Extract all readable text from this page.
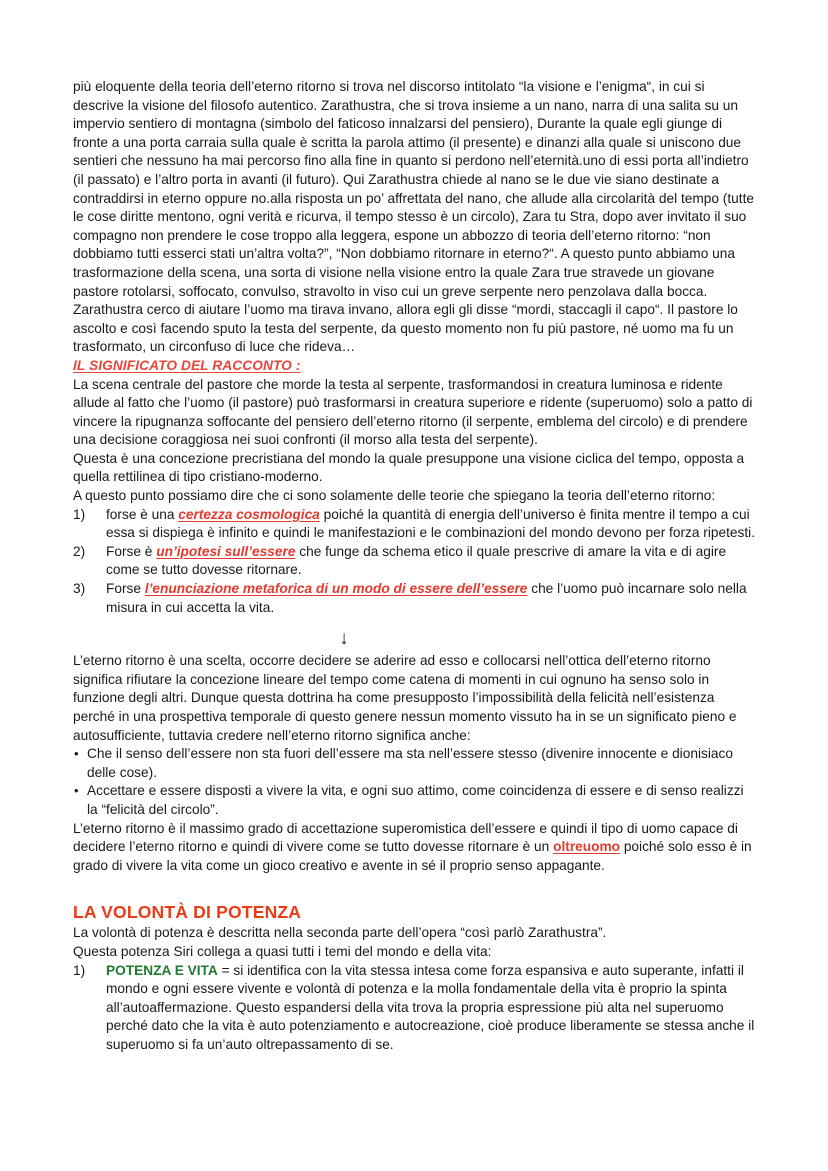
più eloquente della teoria dell’eterno ritorno si trova nel discorso intitolato “la visione e l’enigma“, in cui si descrive la visione del filosofo autentico. Zarathustra, che si trova insieme a un nano, narra di una salita su un impervio sentiero di montagna (simbolo del faticoso innalzarsi del pensiero), Durante la quale egli giunge di fronte a una porta carraia sulla quale è scritta la parola attimo (il presente) e dinanzi alla quale si uniscono due sentieri che nessuno ha mai percorso fino alla fine in quanto si perdono nell’eternità.uno di essi porta all’indietro (il passato) e l’altro porta in avanti (il futuro). Qui Zarathustra chiede al nano se le due vie siano destinate a contraddirsi in eterno oppure no.alla risposta un po’ affrettata del nano, che allude alla circolarità del tempo (tutte le cose diritte mentono, ogni verità e ricurva, il tempo stesso è un circolo), Zara tu Stra, dopo aver invitato il suo compagno non prendere le cose troppo alla leggera, espone un abbozzo di teoria dell’eterno ritorno: “non dobbiamo tutti esserci stati un’altra volta?”, “Non dobbiamo ritornare in eterno?“. A questo punto abbiamo una trasformazione della scena, una sorta di visione nella visione entro la quale Zara true stravede un giovane pastore rotolarsi, soffocato, convulso, stravolto in viso cui un greve serpente nero penzolava dalla bocca.

Zarathustra cerco di aiutare l’uomo ma tirava invano, allora egli gli disse “mordi, staccagli il capo“. Il pastore lo ascolto e così facendo sputo la testa del serpente, da questo momento non fu più pastore, né uomo ma fu un trasformato, un circonfuso di luce che rideva…

IL SIGNIFICATO DEL RACCONTO :

La scena centrale del pastore che morde la testa al serpente, trasformandosi in creatura luminosa e ridente allude al fatto che l’uomo (il pastore) può trasformarsi in creatura superiore e ridente (superuomo) solo a patto di vincere la ripugnanza soffocante del pensiero dell’eterno ritorno (il serpente, emblema del circolo) e di prendere una decisione coraggiosa nei suoi confronti (il morso alla testa del serpente).

Questa è una concezione precristiana del mondo la quale presuppone una visione ciclica del tempo, opposta a quella rettilinea di tipo cristiano-moderno.

A questo punto possiamo dire che ci sono solamente delle teorie che spiegano la teoria dell’eterno ritorno:

1)	forse è una certezza cosmologica poiché la quantità di energia dell’universo è finita mentre il tempo a cui essa si dispiega è infinito e quindi le manifestazioni e le combinazioni del mondo devono per forza ripetesti.
2)	Forse è un’ipotesi sull’essere che funge da schema etico il quale prescrive di amare la vita e di agire come se tutto dovesse ritornare.
3)	Forse l’enunciazione metaforica di un modo di essere dell’essere che l’uomo può incarnare solo nella misura in cui accetta la vita.
↓

L’eterno ritorno è una scelta, occorre decidere se aderire ad esso e collocarsi nell’ottica dell’eterno ritorno significa rifiutare la concezione lineare del tempo come catena di momenti in cui ognuno ha senso solo in funzione degli altri. Dunque questa dottrina ha come presupposto l’impossibilità della felicità nell’esistenza perché in una prospettiva temporale di questo genere nessun momento vissuto ha in se un significato pieno e autosufficiente, tuttavia credere nell’eterno ritorno significa anche:

• Che il senso dell’essere non sta fuori dell’essere ma sta nell’essere stesso (divenire innocente e dionisiaco delle cose).
• Accettare e essere disposti a vivere la vita, e ogni suo attimo, come coincidenza di essere e di senso realizzi la “felicità del circolo”.

L’eterno ritorno è il massimo grado di accettazione superomistica dell’essere e quindi il tipo di uomo capace di decidere l’eterno ritorno e quindi di vivere come se tutto dovesse ritornare è un oltreuomo poiché solo esso è in grado di vivere la vita come un gioco creativo e avente in sé il proprio senso appagante.

LA VOLONTÀ DI POTENZA

La volontà di potenza è descritta nella seconda parte dell’opera “così parlò Zarathustra”.

Questa potenza Siri collega a quasi tutti i temi del mondo e della vita:

1)	POTENZA E VITA = si identifica con la vita stessa intesa come forza espansiva e auto superante, infatti il mondo e ogni essere vivente e volontà di potenza e la molla fondamentale della vita è proprio la spinta all’autoaffermazione. Questo espandersi della vita trova la propria espressione più alta nel superuomo perché dato che la vita è auto potenziamento e autocreazione, cioè produce liberamente se stessa anche il superuomo si fa un’auto oltrepassamento di se.
